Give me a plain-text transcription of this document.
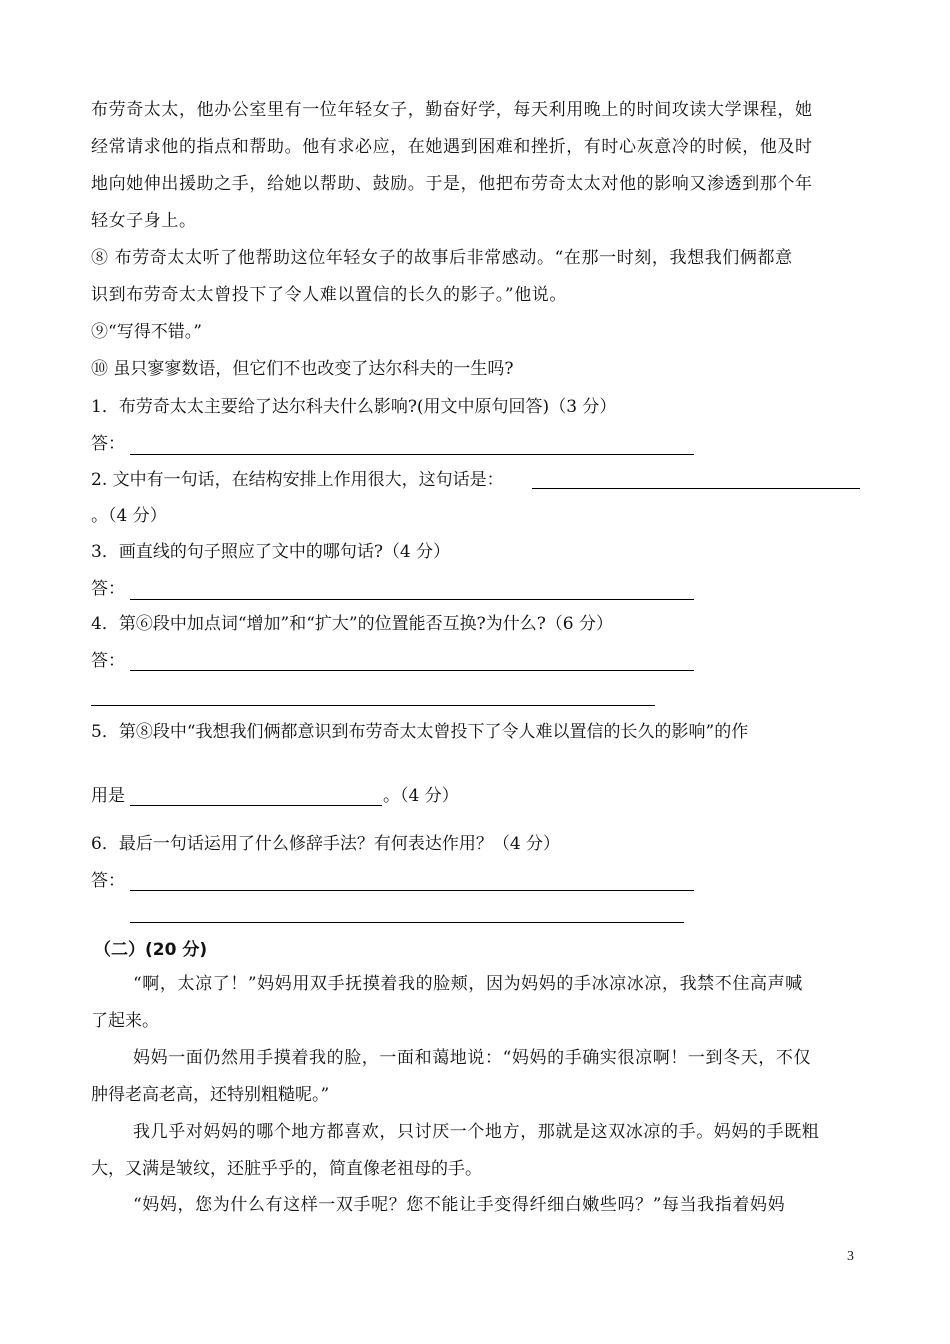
布劳奇太太，他办公室里有一位年轻女子，勤奋好学，每天利用晚上的时间攻读大学课程，她
经常请求他的指点和帮助。他有求必应，在她遇到困难和挫折，有时心灰意冷的时候，他及时
地向她伸出援助之手，给她以帮助、鼓励。于是，他把布劳奇太太对他的影响又渗透到那个年
轻女子身上。
⑧ 布劳奇太太听了他帮助这位年轻女子的故事后非常感动。“在那一时刻，我想我们俩都意
识到布劳奇太太曾投下了令人难以置信的长久的影子。”他说。
⑨“写得不错。”
⑩ 虽只寥寥数语，但它们不也改变了达尔科夫的一生吗?
1．布劳奇太太主要给了达尔科夫什么影响?(用文中原句回答)（3 分）
答：
2. 文中有一句话，在结构安排上作用很大，这句话是：
。（4 分）
3．画直线的句子照应了文中的哪句话?（4 分）
答：
4．第⑥段中加点词“增加”和“扩大”的位置能否互换?为什么?（6 分）
答：
5．第⑧段中“我想我们俩都意识到布劳奇太太曾投下了令人难以置信的长久的影响”的作
用是	。（4 分）
6．最后一句话运用了什么修辞手法？有何表达作用？（4 分）
答：
（二）(20 分)
“啊，太凉了！”妈妈用双手抚摸着我的脸颊，因为妈妈的手冰凉冰凉，我禁不住高声喊
了起来。
妈妈一面仍然用手摸着我的脸，一面和蔼地说：“妈妈的手确实很凉啊！一到冬天，不仅
肿得老高老高，还特别粗糙呢。”
我几乎对妈妈的哪个地方都喜欢，只讨厌一个地方，那就是这双冰凉的手。妈妈的手既粗
大，又满是皱纹，还脏乎乎的，简直像老祖母的手。
“妈妈，您为什么有这样一双手呢？您不能让手变得纤细白嫩些吗？”每当我指着妈妈
3
